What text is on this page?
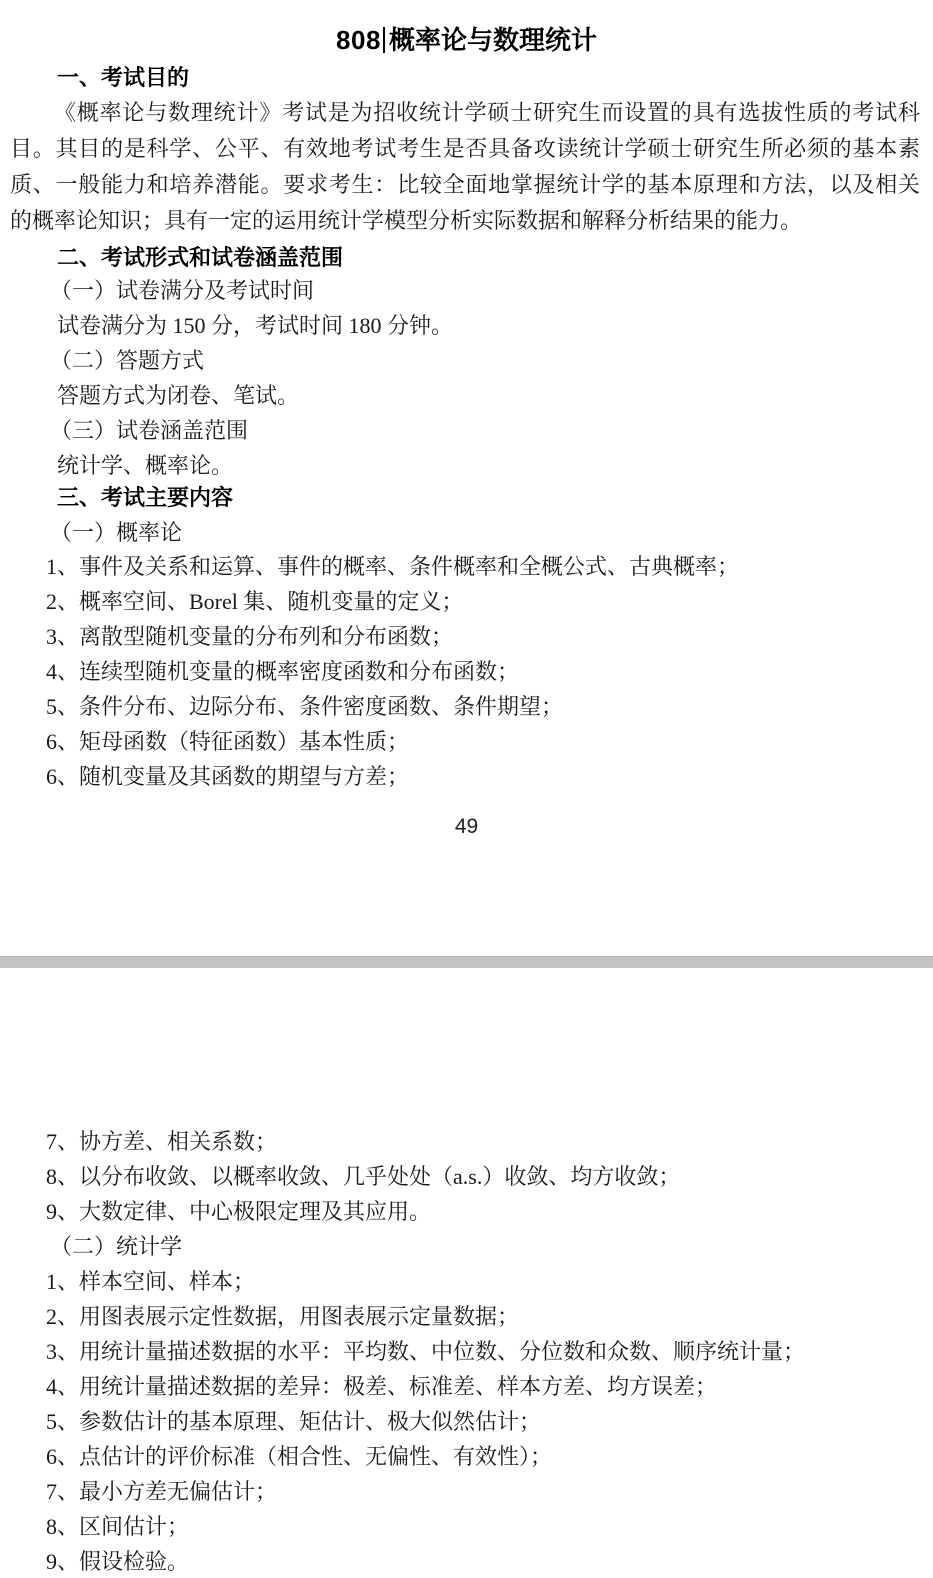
808 概率论与数理统计
一、考试目的
《概率论与数理统计》考试是为招收统计学硕士研究生而设置的具有选拔性质的考试科
目。其目的是科学、公平、有效地考试考生是否具备攻读统计学硕士研究生所必须的基本素
质、一般能力和培养潜能。要求考生：比较全面地掌握统计学的基本原理和方法，以及相关
的概率论知识；具有一定的运用统计学模型分析实际数据和解释分析结果的能力。
二、考试形式和试卷涵盖范围
（一）试卷满分及考试时间
试卷满分为 150 分，考试时间 180 分钟。
（二）答题方式
答题方式为闭卷、笔试。
（三）试卷涵盖范围
统计学、概率论。
三、考试主要内容
（一）概率论
1、事件及关系和运算、事件的概率、条件概率和全概公式、古典概率；
2、概率空间、Borel 集、随机变量的定义；
3、离散型随机变量的分布列和分布函数；
4、连续型随机变量的概率密度函数和分布函数；
5、条件分布、边际分布、条件密度函数、条件期望；
6、矩母函数（特征函数）基本性质；
6、随机变量及其函数的期望与方差；
49
7、协方差、相关系数；
8、以分布收敛、以概率收敛、几乎处处（a.s.）收敛、均方收敛；
9、大数定律、中心极限定理及其应用。
（二）统计学
1、样本空间、样本；
2、用图表展示定性数据，用图表展示定量数据；
3、用统计量描述数据的水平：平均数、中位数、分位数和众数、顺序统计量；
4、用统计量描述数据的差异：极差、标准差、样本方差、均方误差；
5、参数估计的基本原理、矩估计、极大似然估计；
6、点估计的评价标准（相合性、无偏性、有效性）；
7、最小方差无偏估计；
8、区间估计；
9、假设检验。
